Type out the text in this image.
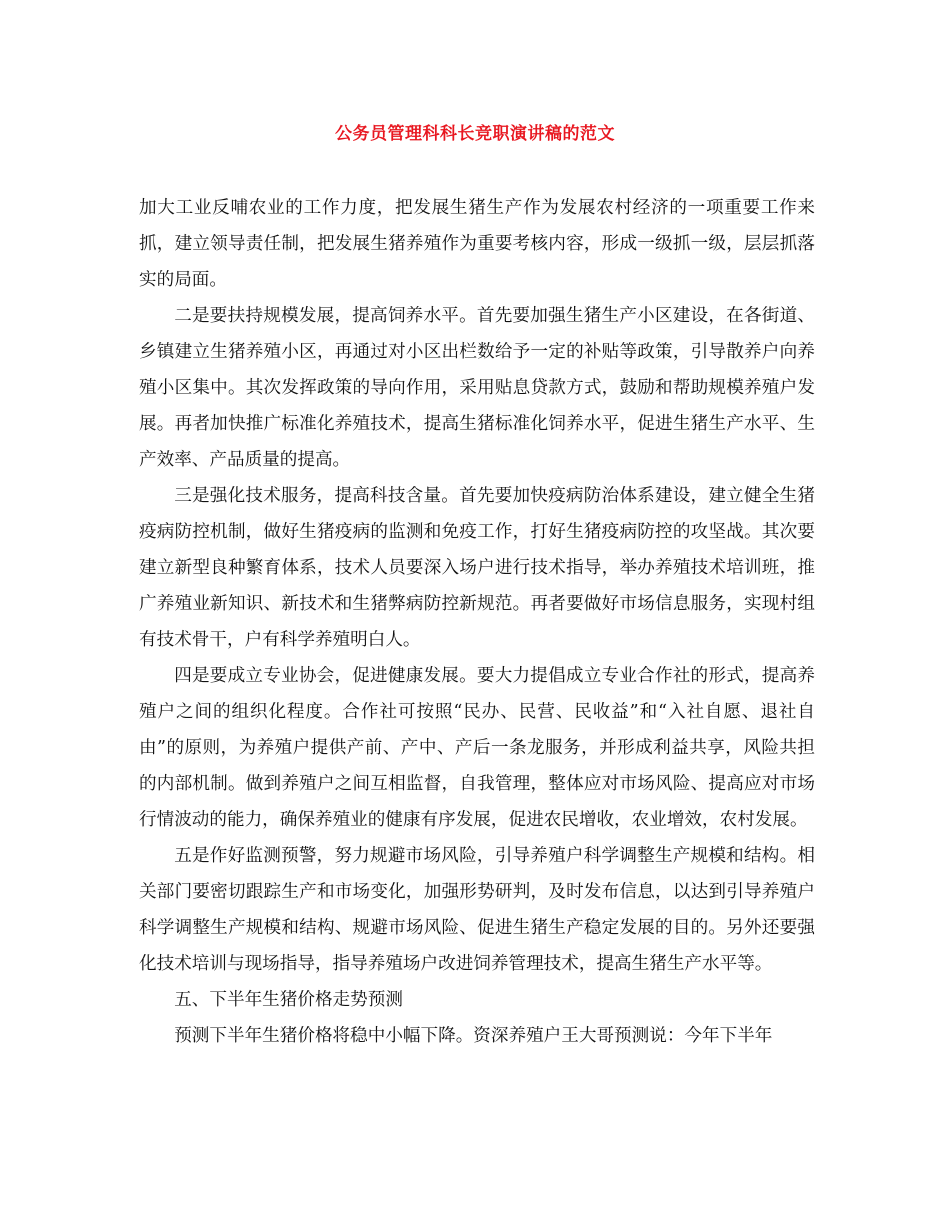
公务员管理科科长竞职演讲稿的范文

加大工业反哺农业的工作力度，把发展生猪生产作为发展农村经济的一项重要工作来抓，建立领导责任制，把发展生猪养殖作为重要考核内容，形成一级抓一级，层层抓落实的局面。

二是要扶持规模发展，提高饲养水平。首先要加强生猪生产小区建设，在各街道、乡镇建立生猪养殖小区，再通过对小区出栏数给予一定的补贴等政策，引导散养户向养殖小区集中。其次发挥政策的导向作用，采用贴息贷款方式，鼓励和帮助规模养殖户发展。再者加快推广标准化养殖技术，提高生猪标准化饲养水平，促进生猪生产水平、生产效率、产品质量的提高。

三是强化技术服务，提高科技含量。首先要加快疫病防治体系建设，建立健全生猪疫病防控机制，做好生猪疫病的监测和免疫工作，打好生猪疫病防控的攻坚战。其次要建立新型良种繁育体系，技术人员要深入场户进行技术指导，举办养殖技术培训班，推广养殖业新知识、新技术和生猪弊病防控新规范。再者要做好市场信息服务，实现村组有技术骨干，户有科学养殖明白人。

四是要成立专业协会，促进健康发展。要大力提倡成立专业合作社的形式，提高养殖户之间的组织化程度。合作社可按照“民办、民营、民收益”和“入社自愿、退社自由”的原则，为养殖户提供产前、产中、产后一条龙服务，并形成利益共享，风险共担的内部机制。做到养殖户之间互相监督，自我管理，整体应对市场风险、提高应对市场行情波动的能力，确保养殖业的健康有序发展，促进农民增收，农业增效，农村发展。

五是作好监测预警，努力规避市场风险，引导养殖户科学调整生产规模和结构。相关部门要密切跟踪生产和市场变化，加强形势研判，及时发布信息，以达到引导养殖户科学调整生产规模和结构、规避市场风险、促进生猪生产稳定发展的目的。另外还要强化技术培训与现场指导，指导养殖场户改进饲养管理技术，提高生猪生产水平等。

五、下半年生猪价格走势预测

预测下半年生猪价格将稳中小幅下降。资深养殖户王大哥预测说：今年下半年
